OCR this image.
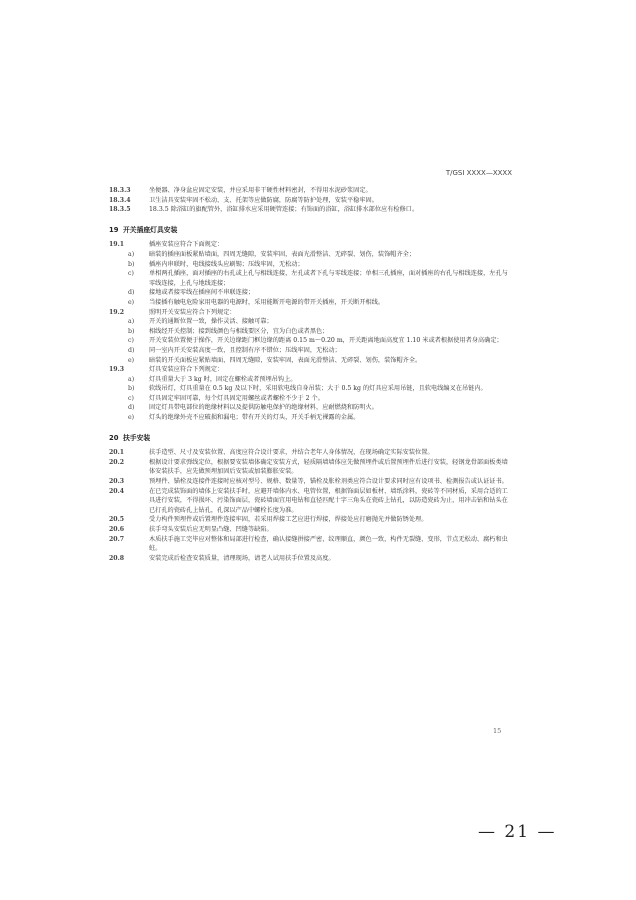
T/GSI XXXX—XXXX
18.3.3	坐便器、净身盆应固定安装，并应采用非干硬性材料密封，不得用水泥砂浆固定。
18.3.4	卫生洁具安装牢固不松动、支、托架等应做防腐，防腐等防护处理，安装平稳牢固。
18.3.5	18.3.5 除浴缸的旗配管外，浴缸排水应采用硬管连接；有饰面的浴缸，浴缸排水部位应有检修口。
19 开关插座灯具安装
19.1	插座安装应符合下面规定：
a) 暗装的插座面板紧贴墙面，四周无缝隙，安装牢固，表面光滑整洁、无碎裂、划伤，装饰帽齐全；
b) 插座内串联时，电线接线头应刷锡；压线牢固，无松动；
c) 单相两孔插座，面对插座的右孔或上孔与相线连接，左孔或者下孔与零线连接；单相三孔插座，面对插座的右孔与相线连接，左孔与零线连接，上孔与地线连接；
d) 接地或者接零线在插座间不串联连接；
e) 当接插有触电危险家用电器的电源时，采用能断开电源的带开关插座，开关断开相线。
19.2	照明开关安装应符合下列规定：
a) 开关的通断位置一致，操作灵活、接触可靠；
b) 相线经开关控制；接到线颜色与相线要区分，宜为白色或者黑色；
c) 开关安装位置便于操作，开关边缘距门框边缘的距离 0.15 m～0.20 m，开关距离地面高度宜 1.10 米或者根据使用者身高确定；
d) 同一室内开关安装高度一致，且控制有序不错位；压线牢固，无松动；
e) 暗装的开关面板应紧贴墙面，四周无缝隙，安装牢固，表面光滑整洁、无碎裂、划伤，装饰帽齐全。
19.3	灯具安装应符合下列规定：
a) 灯具重量大于 3 kg 时，固定在螺栓或者预埋吊钩上。
b) 软线吊灯，灯具重量在 0.5 kg 及以下时，采用软电线自身吊装；大于 0.5 kg 的灯具应采用吊链，且软电线编叉在吊链内。
c) 灯具固定牢固可靠，每个灯具固定用螺丝或者螺栓不少于 2 个。
d) 固定灯具带电部位的绝缘材料以及提供防触电保护的绝缘材料，应耐燃烧和防明火。
e) 灯头的绝缘外壳不应破损和漏电；带有开关的灯头，开关手柄无裸露的金属。
20 扶手安装
20.1	扶手造型、尺寸及安装位置、高度应符合设计要求，并结合老年人身体情况，在现场确定实际安装位置。
20.2	根据设计要求弹线定位，根据要安装墙体确定安装方式，轻质隔墙墙体应先做预埋件或后置预埋件后进行安装，轻钢龙骨部面板类墙体安装扶手，应先做预埋加固后安装或加装膨胀安装。
20.3	预埋件、锚栓及连接件连接时应核对型号、规格、数量等，锚栓及胀栓剂类应符合设计要求同时应有设项书、检测报告或认证证书。
20.4	在已完成装饰面的墙体上安装扶手时，应避开墙体内水、电管位置，根据饰面层如板材、墙纸涂料，瓷砖等不同材质，采用合适的工具进行安装，不得损坏、污染饰面层，瓷砖墙面宜用电钻和直径匹配十字三角头在瓷砖上钻孔，以防造瓷砖为止，用冲击钻和钻头在已打孔的瓷砖孔上钻孔，孔深以产品中螺栓长度为准。
20.5	受力构件预埋件或后置埋件连接牢固，若采用焊接工艺应进行焊接，焊接处应打磨抛光并做防锈处理。
20.6	扶手弯头安装后应无明显凸缝、凹缝等缺陷。
20.7	木质扶手施工完毕应对整体和局部进行检查，确认接缝拼接严密，纹理顺直，颜色一致，构件无裂缝、变形，节点无松动、腐朽和虫蛀。
20.8	安装完成后检查安装质量，清理现场，请老人试用扶手位置及高度。
15
— 21 —
